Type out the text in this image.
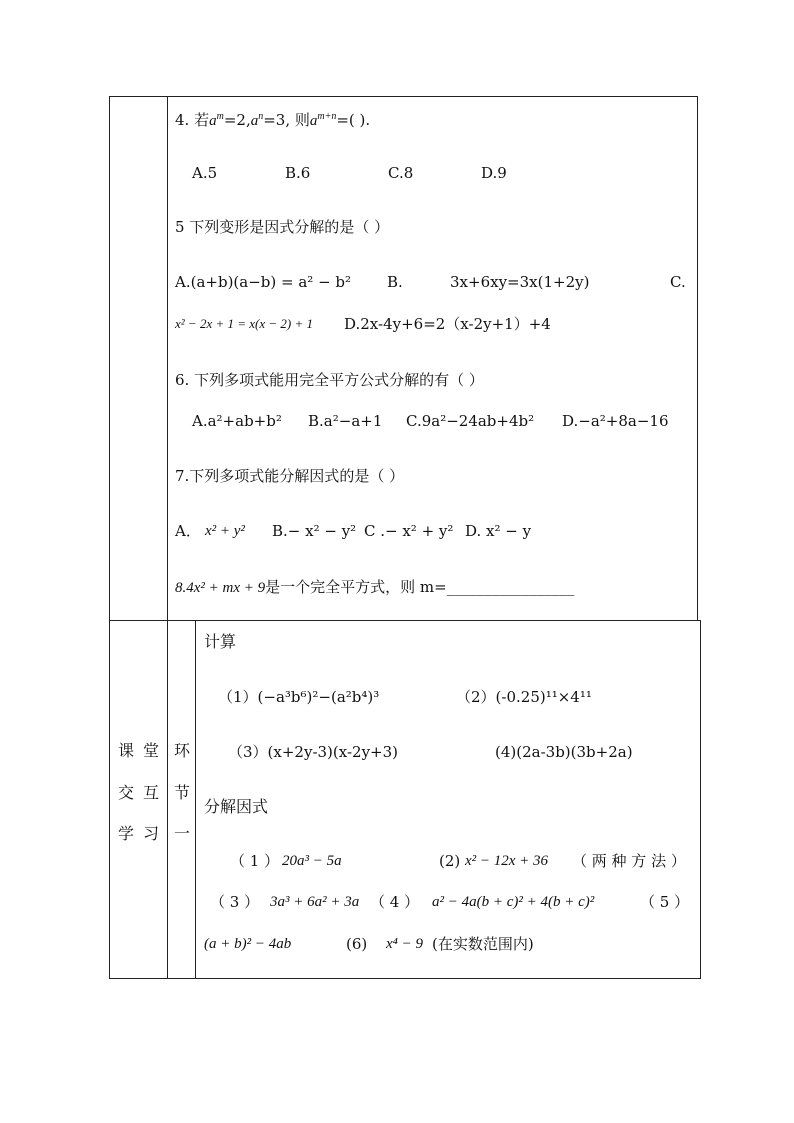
4. 若$a^m=2,a^n=3$, 则$a^{m+n}=$( ).
A.5	B.6	C.8	D.9
5 下列变形是因式分解的是（ ）
A.(a+b)(a−b) = a² − b² B.	3x+6xy=3x(1+2y)	C.
x² − 2x + 1 = x(x − 2) + 1 D.2x-4y+6=2（x-2y+1）+4
6. 下列多项式能用完全平方公式分解的有（ ）
A.a²+ab+b² B.a²−a+1 C.9a²−24ab+4b² D.−a²+8a−16
7.下列多项式能分解因式的是（ ）
A． x² + y² B.− x² − y² C .− x² + y² D. x² − y
8.4x² + mx + 9是一个完全平方式，则 m=_________________
课
交
学
堂
互
习
环
节
一
计算
（1）(−a³b⁶)²−(a²b⁴)³	（2）(-0.25)¹¹×4¹¹
（3）(x+2y-3)(x-2y+3)	(4)(2a-3b)(3b+2a)
分解因式
（ 1 ） 20a³ − 5a	(2) x² − 12x + 36 （ 两 种 方 法 ）
（ 3 ） 3a³ + 6a² + 3a （ 4 ） a² − 4a(b + c)² + 4(b + c)²	（ 5 ）
(a + b)² − 4ab	(6) x⁴ − 9 (在实数范围内)
